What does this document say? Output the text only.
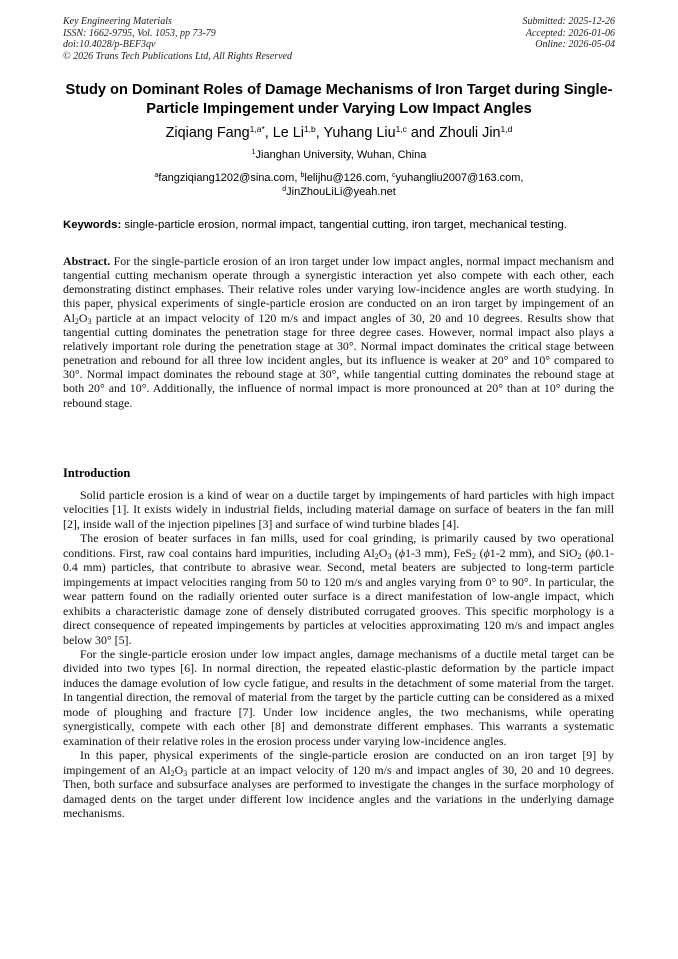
Key Engineering Materials
ISSN: 1662-9795, Vol. 1053, pp 73-79
doi:10.4028/p-BEF3qv
© 2026 Trans Tech Publications Ltd, All Rights Reserved
Submitted: 2025-12-26
Accepted: 2026-01-06
Online: 2026-05-04
Study on Dominant Roles of Damage Mechanisms of Iron Target during Single-Particle Impingement under Varying Low Impact Angles
Ziqiang Fang$^{1,a*}$, Le Li$^{1,b}$, Yuhang Liu$^{1,c}$ and Zhouli Jin$^{1,d}$
$^1$Jianghan University, Wuhan, China
$^a$fangziqiang1202@sina.com, $^b$lelijhu@126.com, $^c$yuhangliu2007@163.com,
$^d$JinZhouLiLi@yeah.net
Keywords: single-particle erosion, normal impact, tangential cutting, iron target, mechanical testing.
Abstract. For the single-particle erosion of an iron target under low impact angles, normal impact mechanism and tangential cutting mechanism operate through a synergistic interaction yet also compete with each other, each demonstrating distinct emphases. Their relative roles under varying low-incidence angles are worth studying. In this paper, physical experiments of single-particle erosion are conducted on an iron target by impingement of an $Al_2O_3$ particle at an impact velocity of 120 m/s and impact angles of 30, 20 and 10 degrees. Results show that tangential cutting dominates the penetration stage for three degree cases. However, normal impact also plays a relatively important role during the penetration stage at 30°. Normal impact dominates the critical stage between penetration and rebound for all three low incident angles, but its influence is weaker at 20° and 10° compared to 30°. Normal impact dominates the rebound stage at 30°, while tangential cutting dominates the rebound stage at both 20° and 10°. Additionally, the influence of normal impact is more pronounced at 20° than at 10° during the rebound stage.
Introduction

Solid particle erosion is a kind of wear on a ductile target by impingements of hard particles with high impact velocities [1]. It exists widely in industrial fields, including material damage on surface of beaters in the fan mill [2], inside wall of the injection pipelines [3] and surface of wind turbine blades [4].

The erosion of beater surfaces in fan mills, used for coal grinding, is primarily caused by two operational conditions. First, raw coal contains hard impurities, including $Al_2O_3$ (ϕ1-3 mm), FeS$_2$ (ϕ1-2 mm), and SiO$_2$ (ϕ0.1-0.4 mm) particles, that contribute to abrasive wear. Second, metal beaters are subjected to long-term particle impingements at impact velocities ranging from 50 to 120 m/s and angles varying from 0° to 90°. In particular, the wear pattern found on the radially oriented outer surface is a direct manifestation of low-angle impact, which exhibits a characteristic damage zone of densely distributed corrugated grooves. This specific morphology is a direct consequence of repeated impingements by particles at velocities approximating 120 m/s and impact angles below 30° [5].

For the single-particle erosion under low impact angles, damage mechanisms of a ductile metal target can be divided into two types [6]. In normal direction, the repeated elastic-plastic deformation by the particle impact induces the damage evolution of low cycle fatigue, and results in the detachment of some material from the target. In tangential direction, the removal of material from the target by the particle cutting can be considered as a mixed mode of ploughing and fracture [7]. Under low incidence angles, the two mechanisms, while operating synergistically, compete with each other [8] and demonstrate different emphases. This warrants a systematic examination of their relative roles in the erosion process under varying low-incidence angles.

In this paper, physical experiments of the single-particle erosion are conducted on an iron target [9] by impingement of an $Al_2O_3$ particle at an impact velocity of 120 m/s and impact angles of 30, 20 and 10 degrees. Then, both surface and subsurface analyses are performed to investigate the changes in the surface morphology of damaged dents on the target under different low incidence angles and the variations in the underlying damage mechanisms.
